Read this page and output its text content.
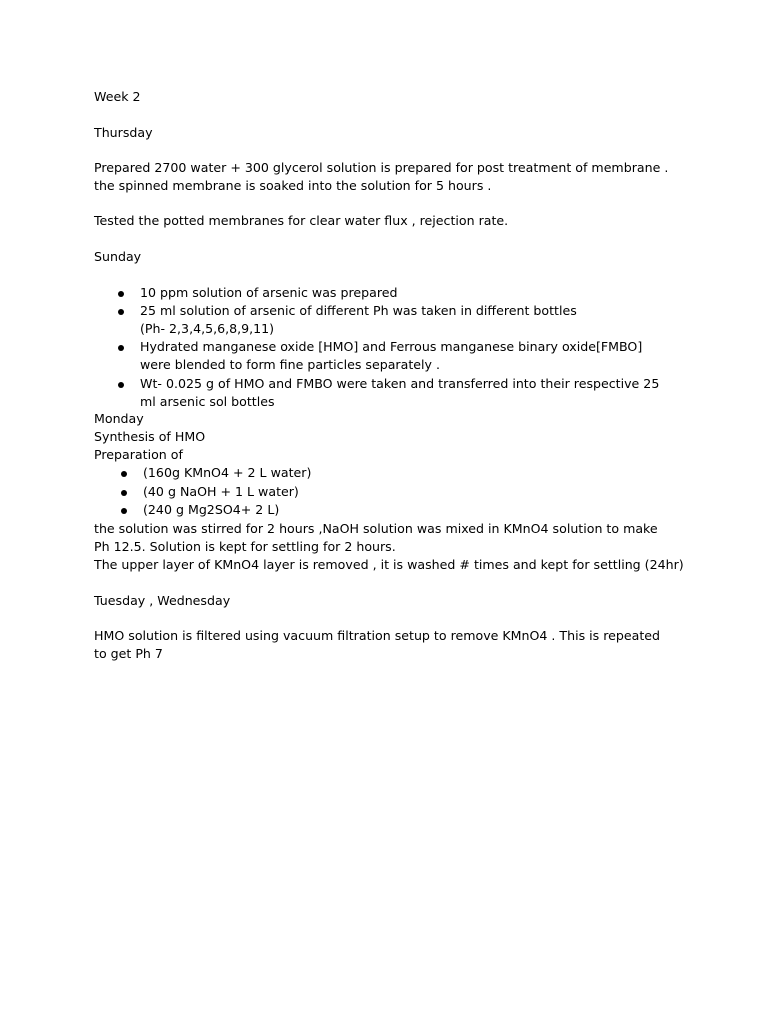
Week 2
Thursday
Prepared 2700 water + 300 glycerol solution is prepared for post treatment of membrane .
the spinned membrane is soaked into the solution for 5 hours .
Tested the potted membranes for clear water flux , rejection rate.
Sunday
10 ppm solution of arsenic was prepared
25 ml solution of arsenic of different Ph was taken in different bottles
(Ph- 2,3,4,5,6,8,9,11)
Hydrated manganese oxide [HMO] and Ferrous manganese binary oxide[FMBO]
were blended to form fine particles separately .
Wt- 0.025 g of HMO and FMBO were taken and transferred into their respective 25
ml arsenic sol bottles
Monday
Synthesis of HMO
Preparation of
(160g KMnO4 + 2 L water)
(40 g NaOH + 1 L water)
(240 g Mg2SO4+ 2 L)
the solution was stirred for 2 hours ,NaOH solution was mixed in KMnO4 solution to make
Ph 12.5. Solution is kept for settling for 2 hours.
The upper layer of KMnO4 layer is removed , it is washed # times and kept for settling (24hr)
Tuesday , Wednesday
HMO solution is filtered using vacuum filtration setup to remove KMnO4 . This is repeated
to get Ph 7
